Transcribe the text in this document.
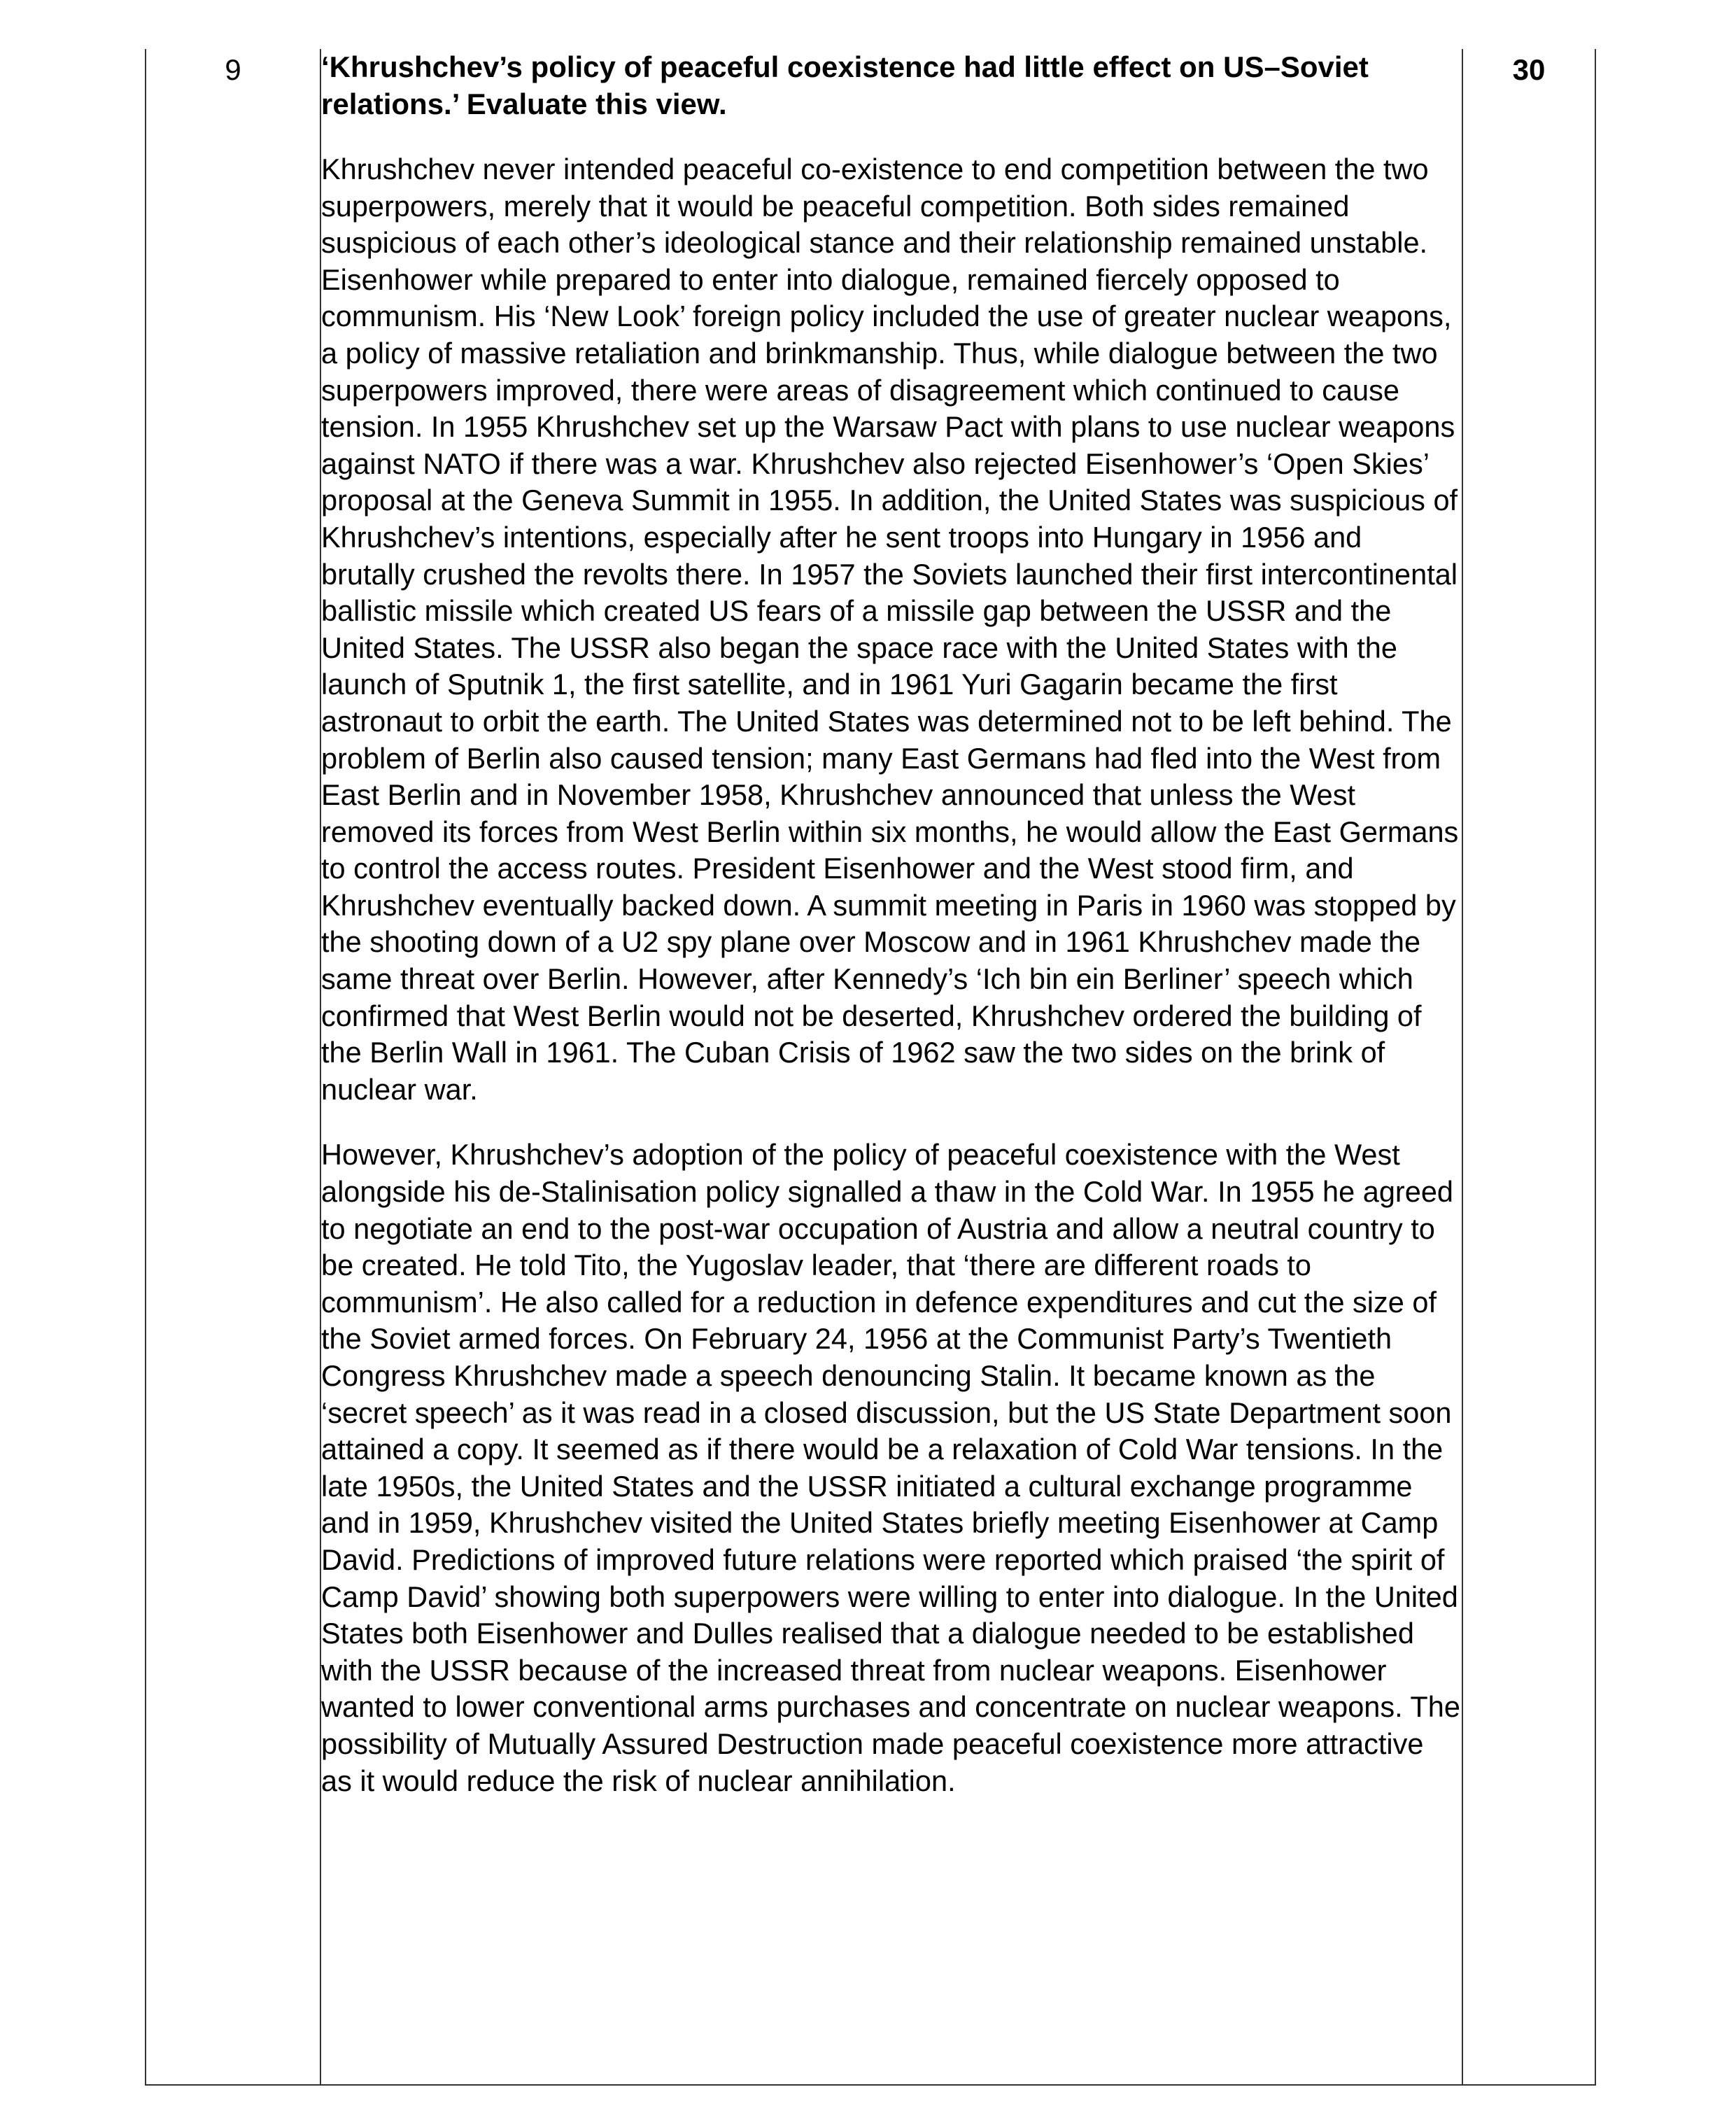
9	‘Khrushchev’s policy of peaceful coexistence had little effect on US–Soviet relations.’ Evaluate this view.

Khrushchev never intended peaceful co-existence to end competition between the two superpowers, merely that it would be peaceful competition. Both sides remained suspicious of each other’s ideological stance and their relationship remained unstable. Eisenhower while prepared to enter into dialogue, remained fiercely opposed to communism. His ‘New Look’ foreign policy included the use of greater nuclear weapons, a policy of massive retaliation and brinkmanship. Thus, while dialogue between the two superpowers improved, there were areas of disagreement which continued to cause tension. In 1955 Khrushchev set up the Warsaw Pact with plans to use nuclear weapons against NATO if there was a war. Khrushchev also rejected Eisenhower’s ‘Open Skies’ proposal at the Geneva Summit in 1955. In addition, the United States was suspicious of Khrushchev’s intentions, especially after he sent troops into Hungary in 1956 and brutally crushed the revolts there. In 1957 the Soviets launched their first intercontinental ballistic missile which created US fears of a missile gap between the USSR and the United States. The USSR also began the space race with the United States with the launch of Sputnik 1, the first satellite, and in 1961 Yuri Gagarin became the first astronaut to orbit the earth. The United States was determined not to be left behind. The problem of Berlin also caused tension; many East Germans had fled into the West from East Berlin and in November 1958, Khrushchev announced that unless the West removed its forces from West Berlin within six months, he would allow the East Germans to control the access routes. President Eisenhower and the West stood firm, and Khrushchev eventually backed down. A summit meeting in Paris in 1960 was stopped by the shooting down of a U2 spy plane over Moscow and in 1961 Khrushchev made the same threat over Berlin. However, after Kennedy’s ‘Ich bin ein Berliner’ speech which confirmed that West Berlin would not be deserted, Khrushchev ordered the building of the Berlin Wall in 1961. The Cuban Crisis of 1962 saw the two sides on the brink of nuclear war.

However, Khrushchev’s adoption of the policy of peaceful coexistence with the West alongside his de-Stalinisation policy signalled a thaw in the Cold War. In 1955 he agreed to negotiate an end to the post-war occupation of Austria and allow a neutral country to be created. He told Tito, the Yugoslav leader, that ‘there are different roads to communism’. He also called for a reduction in defence expenditures and cut the size of the Soviet armed forces. On February 24, 1956 at the Communist Party’s Twentieth Congress Khrushchev made a speech denouncing Stalin. It became known as the ‘secret speech’ as it was read in a closed discussion, but the US State Department soon attained a copy. It seemed as if there would be a relaxation of Cold War tensions. In the late 1950s, the United States and the USSR initiated a cultural exchange programme and in 1959, Khrushchev visited the United States briefly meeting Eisenhower at Camp David. Predictions of improved future relations were reported which praised ‘the spirit of Camp David’ showing both superpowers were willing to enter into dialogue. In the United States both Eisenhower and Dulles realised that a dialogue needed to be established with the USSR because of the increased threat from nuclear weapons. Eisenhower wanted to lower conventional arms purchases and concentrate on nuclear weapons. The possibility of Mutually Assured Destruction made peaceful coexistence more attractive as it would reduce the risk of nuclear annihilation.

30
